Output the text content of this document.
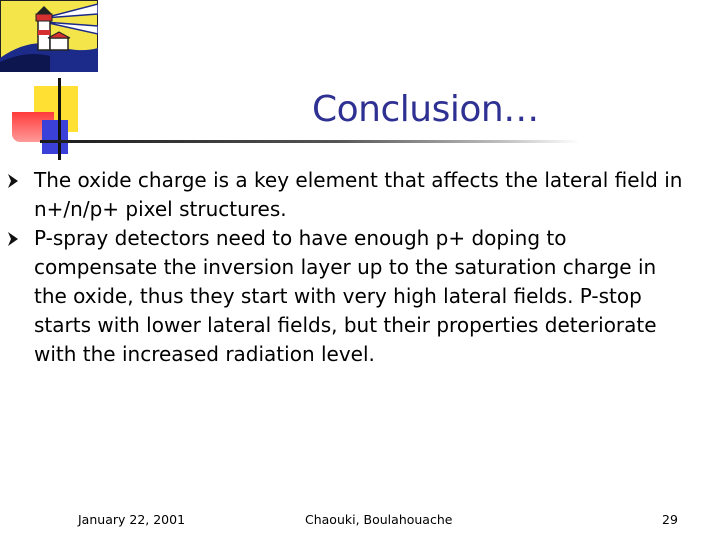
Conclusion…
The oxide charge is a key element that affects the lateral field in n+/n/p+ pixel structures.
P-spray detectors need to have enough p+ doping to compensate the inversion layer up to the saturation charge in the oxide, thus they start with very high lateral fields. P-stop starts with lower lateral fields, but their properties deteriorate with the increased radiation level.
January 22, 2001	Chaouki, Boulahouache	29
